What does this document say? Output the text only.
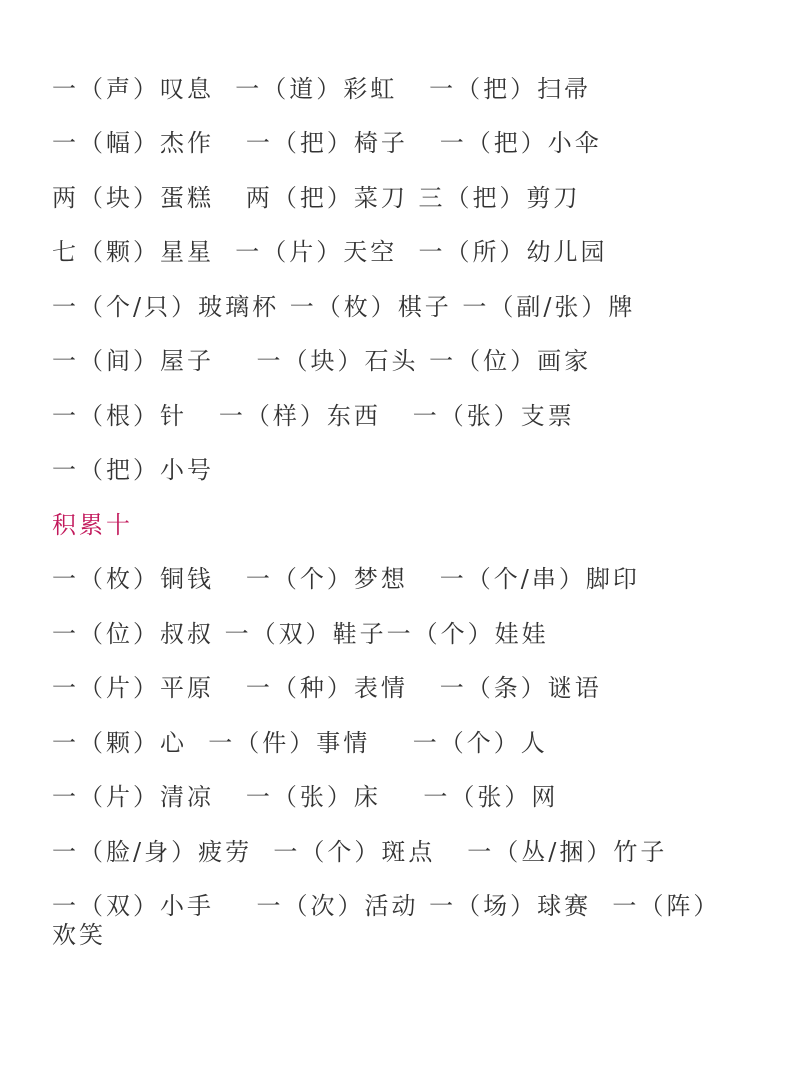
一（声）叹息  一（道）彩虹   一（把）扫帚
一（幅）杰作   一（把）椅子   一（把）小伞
两（块）蛋糕   两（把）菜刀 三（把）剪刀
七（颗）星星  一（片）天空  一（所）幼儿园
一（个/只）玻璃杯 一（枚）棋子 一（副/张）牌
一（间）屋子    一（块）石头 一（位）画家
一（根）针   一（样）东西   一（张）支票
一（把）小号
积累十
一（枚）铜钱   一（个）梦想   一（个/串）脚印
一（位）叔叔 一（双）鞋子一（个）娃娃
一（片）平原   一（种）表情   一（条）谜语
一（颗）心  一（件）事情    一（个）人
一（片）清凉   一（张）床    一（张）网
一（脸/身）疲劳  一（个）斑点   一（丛/捆）竹子
一（双）小手    一（次）活动 一（场）球赛  一（阵）
欢笑
